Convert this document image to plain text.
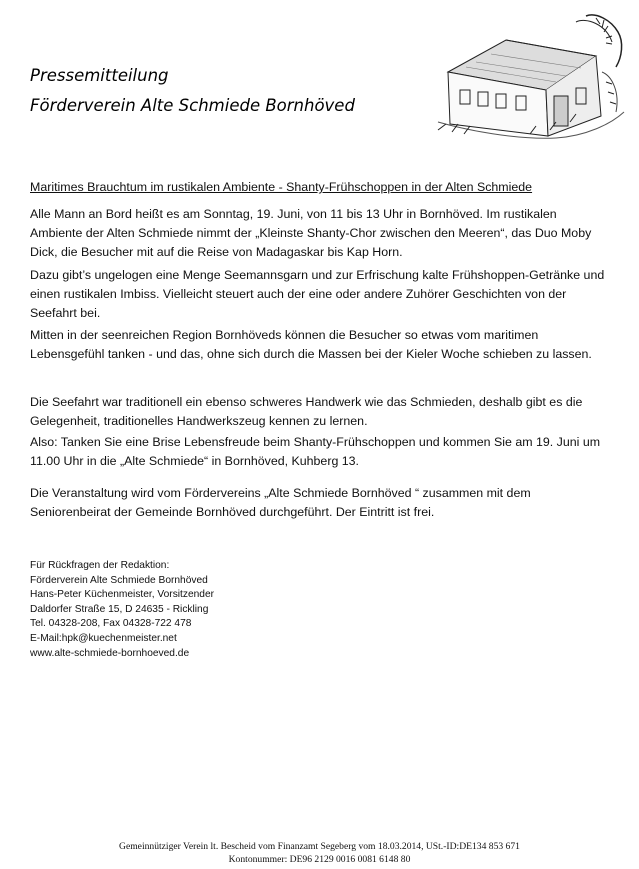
Pressemitteilung
Förderverein Alte Schmiede Bornhöved
Maritimes Brauchtum im rustikalen Ambiente - Shanty-Frühschoppen in der Alten Schmiede

Alle Mann an Bord heißt es am Sonntag, 19. Juni, von 11 bis 13 Uhr in Bornhöved. Im rustikalen Ambiente der Alten Schmiede nimmt der „Kleinste Shanty-Chor zwischen den Meeren“, das Duo Moby Dick, die Besucher mit auf die Reise von Madagaskar bis Kap Horn.

Dazu gibt’s ungelogen eine Menge Seemannsgarn und zur Erfrischung kalte Frühshoppen-Getränke und einen rustikalen Imbiss. Vielleicht steuert auch der eine oder andere Zuhörer Geschichten von der Seefahrt bei.

Mitten in der seenreichen Region Bornhöveds können die Besucher so etwas vom maritimen Lebensgefühl tanken - und das, ohne sich durch die Massen bei der Kieler Woche schieben zu lassen.

Die Seefahrt war traditionell ein ebenso schweres Handwerk wie das Schmieden, deshalb gibt es die Gelegenheit, traditionelles Handwerkszeug kennen zu lernen.

Also: Tanken Sie eine Brise Lebensfreude beim Shanty-Frühschoppen und kommen Sie am 19. Juni um 11.00 Uhr in die „Alte Schmiede“ in Bornhöved, Kuhberg 13.

Die Veranstaltung wird vom Fördervereins „Alte Schmiede Bornhöved “ zusammen mit dem Seniorenbeirat der Gemeinde Bornhöved durchgeführt. Der Eintritt ist frei.

Für Rückfragen der Redaktion:
Förderverein Alte Schmiede Bornhöved
Hans-Peter Küchenmeister, Vorsitzender
Daldorfer Straße 15, D 24635 - Rickling
Tel. 04328-208, Fax 04328-722 478
E-Mail:hpk@kuechenmeister.net
www.alte-schmiede-bornhoeved.de
Gemeinnütziger Verein lt. Bescheid vom Finanzamt Segeberg vom 18.03.2014, USt.-ID:DE134 853 671
Kontonummer: DE96 2129 0016 0081 6148 80
